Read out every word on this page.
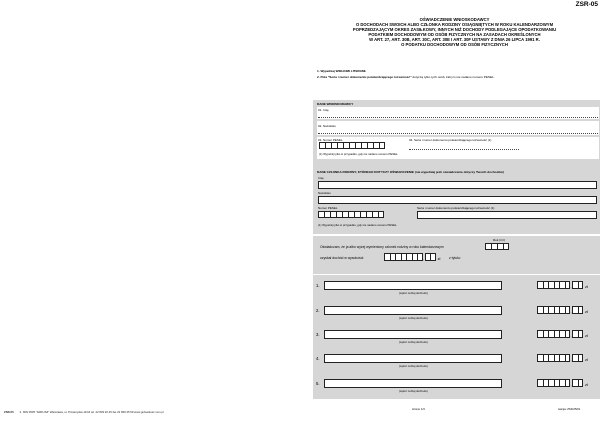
ZSR-05 2. ISW 0535 "ARKUSZ" Warszawa, ul. Przasnyska 11/16 tel. 22 839 20 45 fax 22 839 35 59 www.gofoarkusz.com.pl
ZSR-05
OŚWIADCZENIE WNIOSKODAWCY
O DOCHODACH SWOICH ALBO CZŁONKA RODZINY OSIĄGNIĘTYCH W ROKU KALENDARZOWYM
POPRZEDZAJĄCYM OKRES ZASIŁKOWY, INNYCH NIŻ DOCHODY PODLEGAJĄCE OPODATKOWANIU
PODATKIEM DOCHODOWYM OD OSÓB FIZYCZNYCH NA ZASADACH OKREŚLONYCH
W ART. 27, ART. 30B, ART. 30C, ART. 30E I ART. 30F USTAWY Z DNIA 26 LIPCA 1991 R.
O PODATKU DOCHODOWYM OD OSÓB FIZYCZNYCH
1. Wypełniaj WIELKIMI LITERAMI.
2. Pola "Seria i numer dokumentu potwierdzającego tożsamość" dotyczą tylko tych osób, którym nie nadano numeru PESEL.
DANE WNIOSKODAWCY
01. Imię
02. Nazwisko
03. Numer PESEL	04. Seria i numer dokumentu potwierdzającego tożsamość (1)
(1) Wypełnij tylko w przypadku, gdy nie nadano numeru PESEL.
DANE CZŁONKA RODZINY, KTÓREGO DOTYCZY OŚWIADCZENIE (nie wypełniaj jeśli oświadczenie dotyczy Twoich dochodów)
Imię
Nazwisko
Numer PESEL	Seria i numer dokumentu potwierdzającego tożsamość (1)
(1) Wypełnij tylko w przypadku, gdy nie nadano numeru PESEL.
Rok (rrrr)
Oświadczam, że ja albo wyżej wymieniony członek rodziny w roku kalendarzowym
uzyskał dochód w wysokości:	,	zł	z tytułu:
1.
(wpisz rodzaj dochodu)
,	zł
2.
(wpisz rodzaj dochodu)
,	zł
3.
(wpisz rodzaj dochodu)
,	zł
4.
(wpisz rodzaj dochodu)
,	zł
5.
(wpisz rodzaj dochodu)
,	zł
strona: 1/3	wersja: ZSR-05/01
